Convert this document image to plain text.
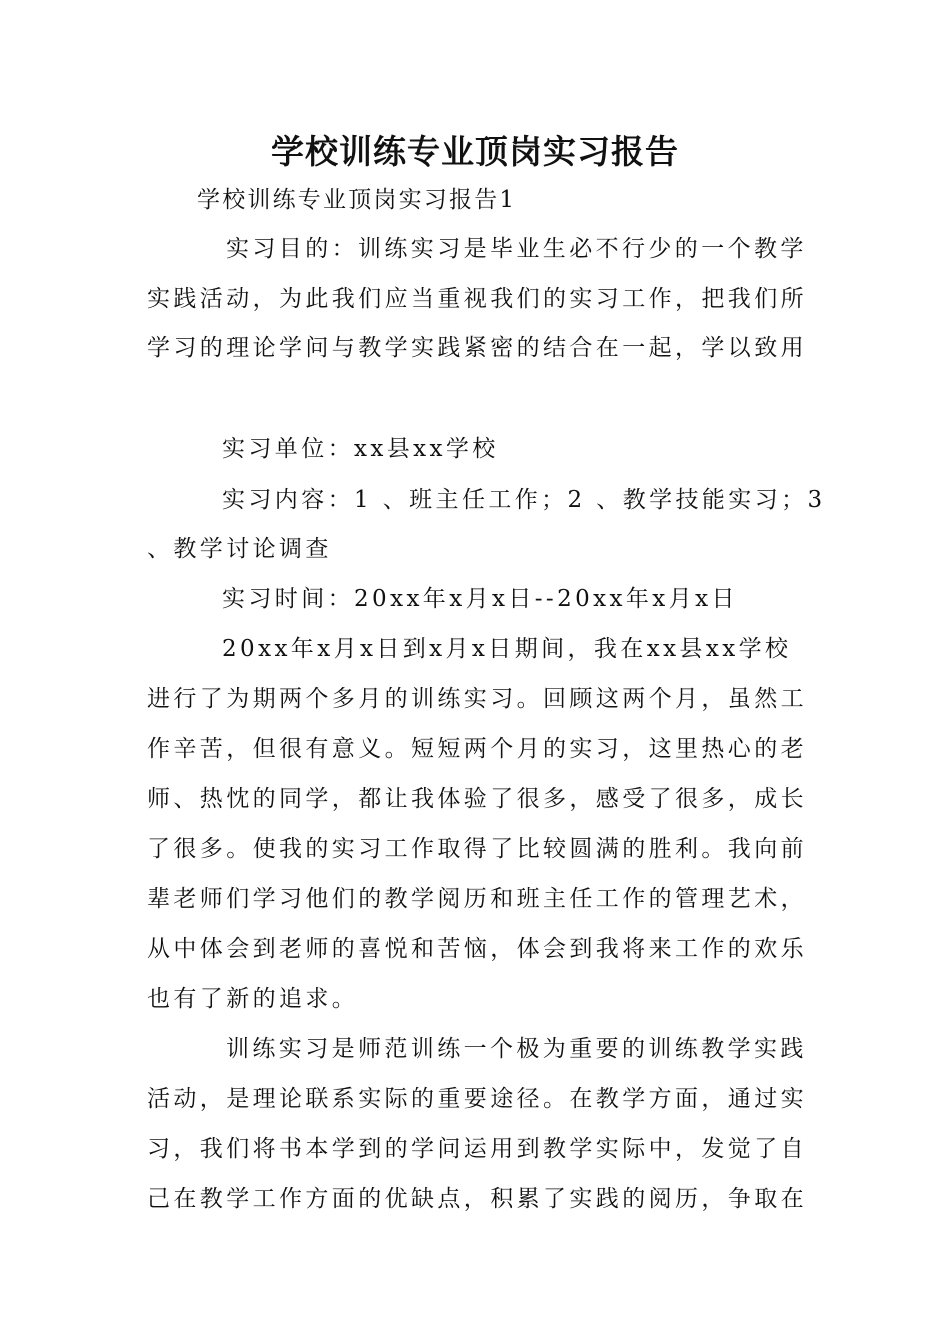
学校训练专业顶岗实习报告

学校训练专业顶岗实习报告1

实习目的：训练实习是毕业生必不行少的一个教学

实践活动，为此我们应当重视我们的实习工作，把我们所

学习的理论学问与教学实践紧密的结合在一起，学以致用

实习单位：xx县xx学校

实习内容：1 、班主任工作；2 、教学技能实习；3

、教学讨论调查

实习时间：20xx年x月x日--20xx年x月x日

20xx年x月x日到x月x日期间，我在xx县xx学校

进行了为期两个多月的训练实习。回顾这两个月，虽然工

作辛苦，但很有意义。短短两个月的实习，这里热心的老

师、热忱的同学，都让我体验了很多，感受了很多，成长

了很多。使我的实习工作取得了比较圆满的胜利。我向前

辈老师们学习他们的教学阅历和班主任工作的管理艺术，

从中体会到老师的喜悦和苦恼，体会到我将来工作的欢乐

也有了新的追求。

训练实习是师范训练一个极为重要的训练教学实践

活动，是理论联系实际的重要途径。在教学方面，通过实

习，我们将书本学到的学问运用到教学实际中，发觉了自

己在教学工作方面的优缺点，积累了实践的阅历，争取在
